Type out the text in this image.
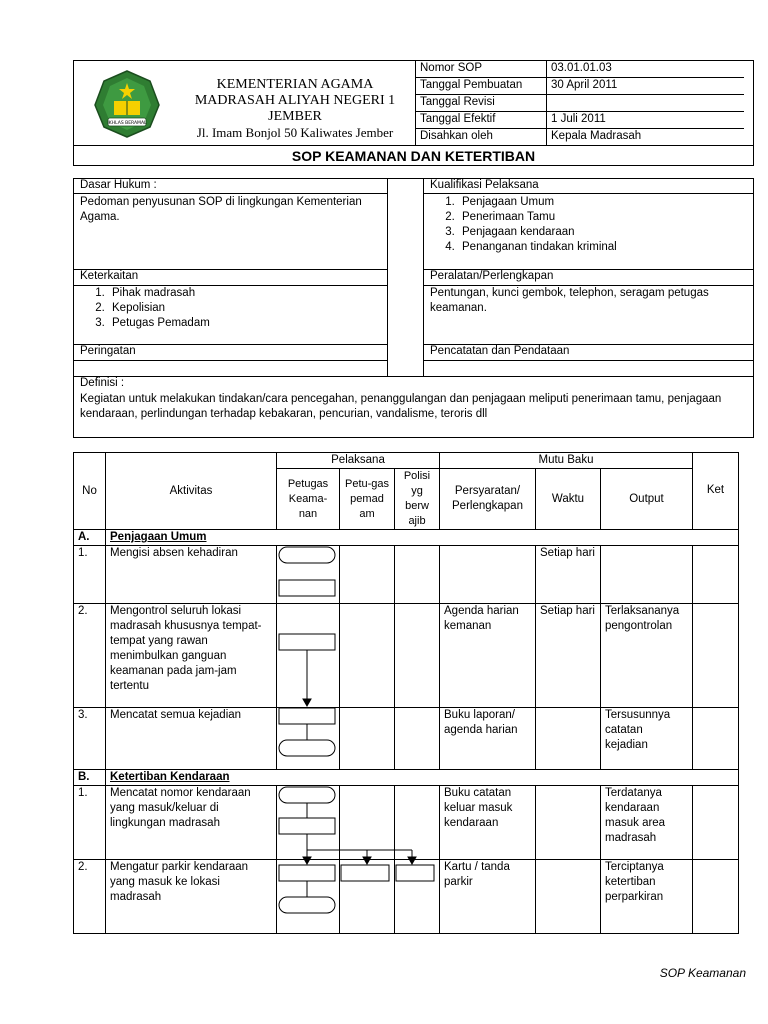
IKHLAS BERAMAL
KEMENTERIAN AGAMA
MADRASAH ALIYAH NEGERI 1
JEMBER
Jl. Imam Bonjol 50 Kaliwates Jember
Nomor SOP	03.01.01.03
Tanggal Pembuatan	30 April 2011
Tanggal Revisi	
Tanggal Efektif	1 Juli 2011
Disahkan oleh	Kepala Madrasah
SOP KEAMANAN DAN KETERTIBAN
Dasar Hukum :
Pedoman penyusunan SOP di lingkungan Kementerian Agama.
Kualifikasi Pelaksana
1. Penjagaan Umum
2. Penerimaan Tamu
3. Penjagaan kendaraan
4. Penanganan tindakan kriminal
Keterkaitan
1. Pihak madrasah
2. Kepolisian
3. Petugas Pemadam
Peralatan/Perlengkapan
Pentungan, kunci gembok, telephon, seragam petugas keamanan.
Peringatan	Pencatatan dan Pendataan
Definisi :
Kegiatan untuk melakukan tindakan/cara pencegahan, penanggulangan dan penjagaan meliputi penerimaan tamu, penjagaan kendaraan, perlindungan terhadap kebakaran, pencurian, vandalisme, teroris dll
No	Aktivitas	Pelaksana			Mutu Baku			Ket
		Petugas Keama-nan	Petu-gas pemad am	Polisi yg berw ajib	Persyaratan/ Perlengkapan	Waktu	Output	
A.	Penjagaan Umum							
1.	Mengisi absen kehadiran					Setiap hari		
2.	Mengontrol seluruh lokasi madrasah khususnya tempat-tempat yang rawan menimbulkan ganguan keamanan pada jam-jam tertentu				Agenda harian kemanan	Setiap hari	Terlaksananya pengontrolan	
3.	Mencatat semua kejadian				Buku laporan/ agenda harian		Tersusunnya catatan kejadian	
B.	Ketertiban Kendaraan							
1.	Mencatat nomor kendaraan yang masuk/keluar di lingkungan madrasah				Buku catatan keluar masuk kendaraan		Terdatanya kendaraan masuk area madrasah	
2.	Mengatur parkir kendaraan yang masuk ke lokasi madrasah				Kartu / tanda parkir		Terciptanya ketertiban perparkiran	
SOP Keamanan
